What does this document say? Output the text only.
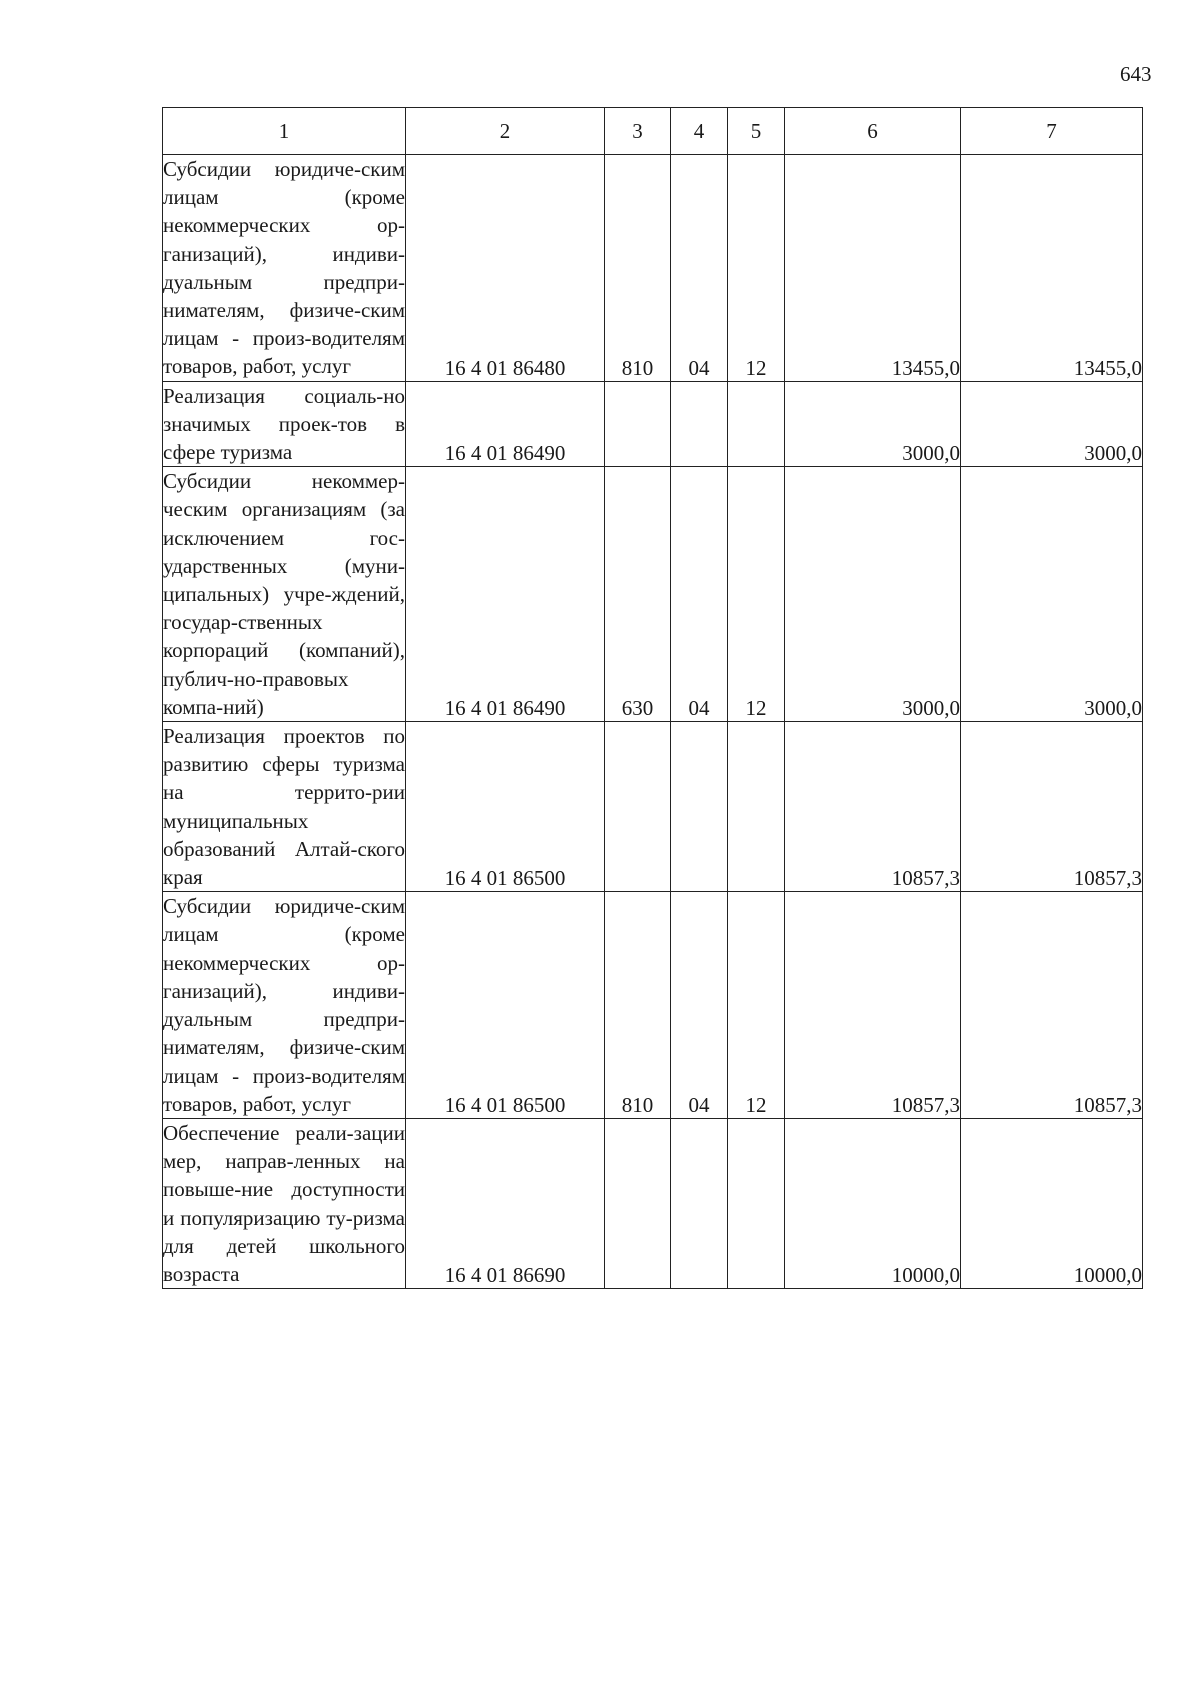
643
1	2	3	4	5	6	7
Субсидии юридиче-ским лицам (кроме некоммерческих ор-ганизаций), индиви-дуальным предпри-нимателям, физиче-ским лицам - произ-водителям товаров, работ, услуг	16 4 01 86480	810	04	12	13455,0	13455,0
Реализация социаль-но значимых проек-тов в сфере туризма	16 4 01 86490				3000,0	3000,0
Субсидии некоммер-ческим организациям (за исключением гос-ударственных (муни-ципальных) учре-ждений, государ-ственных корпораций (компаний), публич-но-правовых компа-ний)	16 4 01 86490	630	04	12	3000,0	3000,0
Реализация проектов по развитию сферы туризма на террито-рии муниципальных образований Алтай-ского края	16 4 01 86500				10857,3	10857,3
Субсидии юридиче-ским лицам (кроме некоммерческих ор-ганизаций), индиви-дуальным предпри-нимателям, физиче-ским лицам - произ-водителям товаров, работ, услуг	16 4 01 86500	810	04	12	10857,3	10857,3
Обеспечение реали-зации мер, направ-ленных на повыше-ние доступности и популяризацию ту-ризма для детей школьного возраста	16 4 01 86690				10000,0	10000,0
